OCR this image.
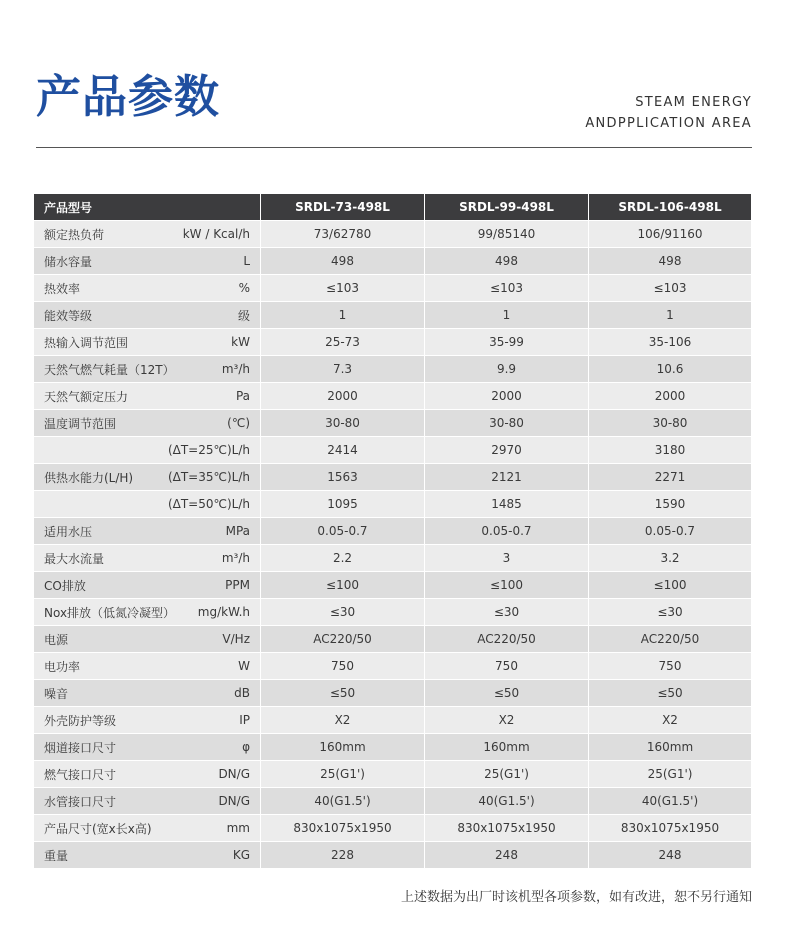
产品参数	STEAM ENERGY
ANDPPLICATION AREA
产品型号	SRDL-73-498L	SRDL-99-498L	SRDL-106-498L

额定热负荷 kW / Kcal/h	73/62780	99/85140	106/91160

储水容量 L	498	498	498

热效率 %	≤103	≤103	≤103

能效等级 级	1	1	1

热输入调节范围 kW	25-73	35-99	35-106

天然气燃气耗量（12T） m³/h	7.3	9.9	10.6

天然气额定压力 Pa	2000	2000	2000

温度调节范围 (℃)	30-80	30-80	30-80

(ΔT=25℃)L/h	2414	2970	3180

供热水能力(L/H) (ΔT=35℃)L/h	1563	2121	2271

(ΔT=50℃)L/h	1095	1485	1590

适用水压 MPa	0.05-0.7	0.05-0.7	0.05-0.7

最大水流量 m³/h	2.2	3	3.2

CO排放 PPM	≤100	≤100	≤100

Nox排放（低氮冷凝型） mg/kW.h	≤30	≤30	≤30

电源 V/Hz	AC220/50	AC220/50	AC220/50

电功率 W	750	750	750

噪音 dB	≤50	≤50	≤50

外壳防护等级 IP	X2	X2	X2

烟道接口尺寸 φ	160mm	160mm	160mm

燃气接口尺寸 DN/G	25(G1')	25(G1')	25(G1')

水管接口尺寸 DN/G	40(G1.5')	40(G1.5')	40(G1.5')

产品尺寸(宽x长x高) mm	830x1075x1950	830x1075x1950	830x1075x1950

重量 KG	228	248	248
上述数据为出厂时该机型各项参数，如有改进，恕不另行通知
